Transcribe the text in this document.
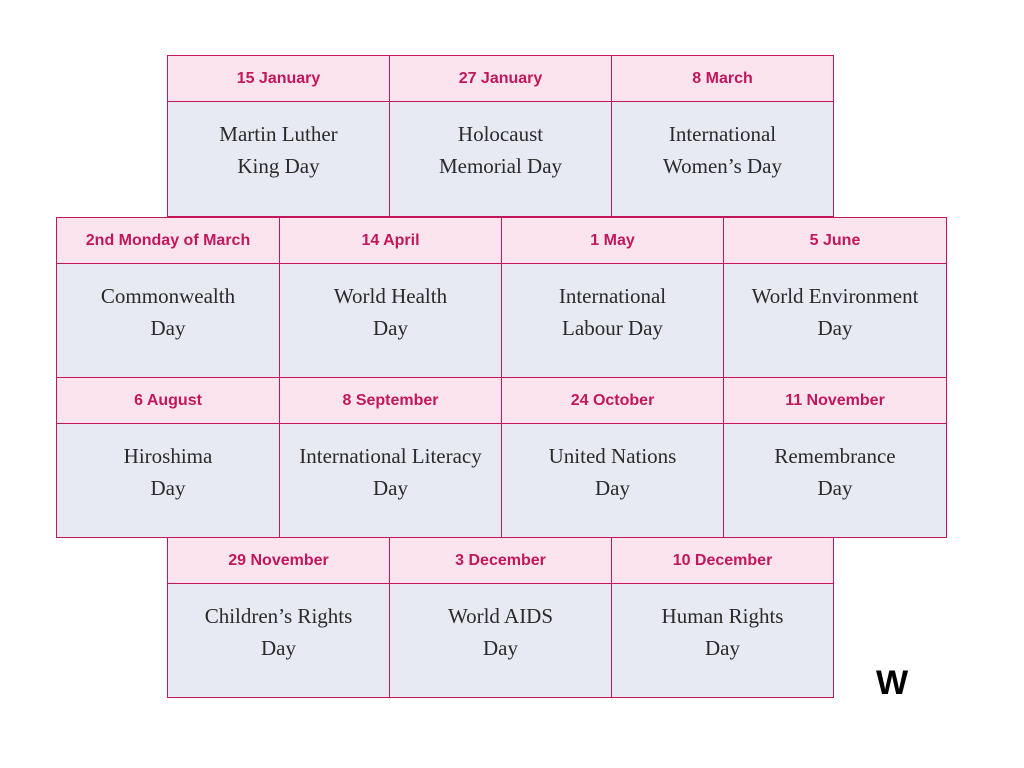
15 January
Martin Luther
King Day
27 January
Holocaust
Memorial Day
8 March
International
Women’s Day
2nd Monday of March
Commonwealth
Day
14 April
World Health
Day
1 May
International
Labour Day
5 June
World Environment
Day
6 August
Hiroshima
Day
8 September
International Literacy
Day
24 October
United Nations
Day
11 November
Remembrance
Day
29 November
Children’s Rights
Day
3 December
World AIDS
Day
10 December
Human Rights
Day
W
